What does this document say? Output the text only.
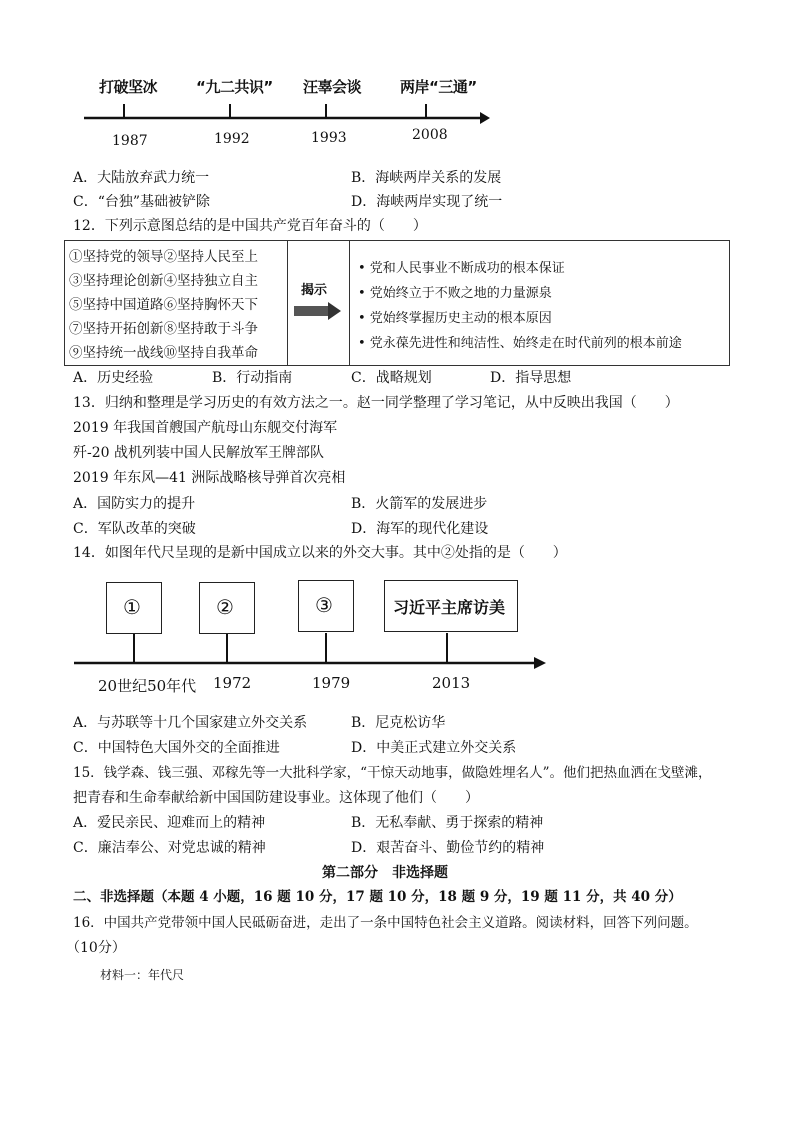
打破坚冰	“九二共识” 汪辜会谈	两岸“三通”
1987	1992	1993	2008
A．大陆放弃武力统一	B．海峡两岸关系的发展
C．“台独”基础被铲除	D．海峡两岸实现了统一
12．下列示意图总结的是中国共产党百年奋斗的（　　）
①坚持党的领导②坚持人民至上
③坚持理论创新④坚持独立自主
⑤坚持中国道路⑥坚持胸怀天下
⑦坚持开拓创新⑧坚持敢于斗争
⑨坚持统一战线⑩坚持自我革命
揭示
• 党和人民事业不断成功的根本保证
• 党始终立于不败之地的力量源泉
• 党始终掌握历史主动的根本原因
• 党永葆先进性和纯洁性、始终走在时代前列的根本前途
A．历史经验	B．行动指南	C．战略规划	D．指导思想
13．归纳和整理是学习历史的有效方法之一。赵一同学整理了学习笔记，从中反映出我国（　　）
2019 年我国首艘国产航母山东舰交付海军
歼-20 战机列装中国人民解放军王牌部队
2019 年东风—41 洲际战略核导弹首次亮相
A．国防实力的提升	B．火箭军的发展进步
C．军队改革的突破	D．海军的现代化建设
14．如图年代尺呈现的是新中国成立以来的外交大事。其中②处指的是（　　）
①	②	③	习近平主席访美
20世纪50年代 1972	1979	2013
A．与苏联等十几个国家建立外交关系	B．尼克松访华
C．中国特色大国外交的全面推进	D．中美正式建立外交关系
15．钱学森、钱三强、邓稼先等一大批科学家，“干惊天动地事，做隐姓埋名人”。他们把热血洒在戈壁滩，
把青春和生命奉献给新中国国防建设事业。这体现了他们（　　）
A．爱民亲民、迎难而上的精神	B．无私奉献、勇于探索的精神
C．廉洁奉公、对党忠诚的精神	D．艰苦奋斗、勤俭节约的精神
第二部分　非选择题
二、非选择题（本题 4 小题，16 题 10 分，17 题 10 分，18 题 9 分，19 题 11 分，共 40 分）
16．中国共产党带领中国人民砥砺奋进，走出了一条中国特色社会主义道路。阅读材料，回答下列问题。
（10分）
材料一：年代尺
